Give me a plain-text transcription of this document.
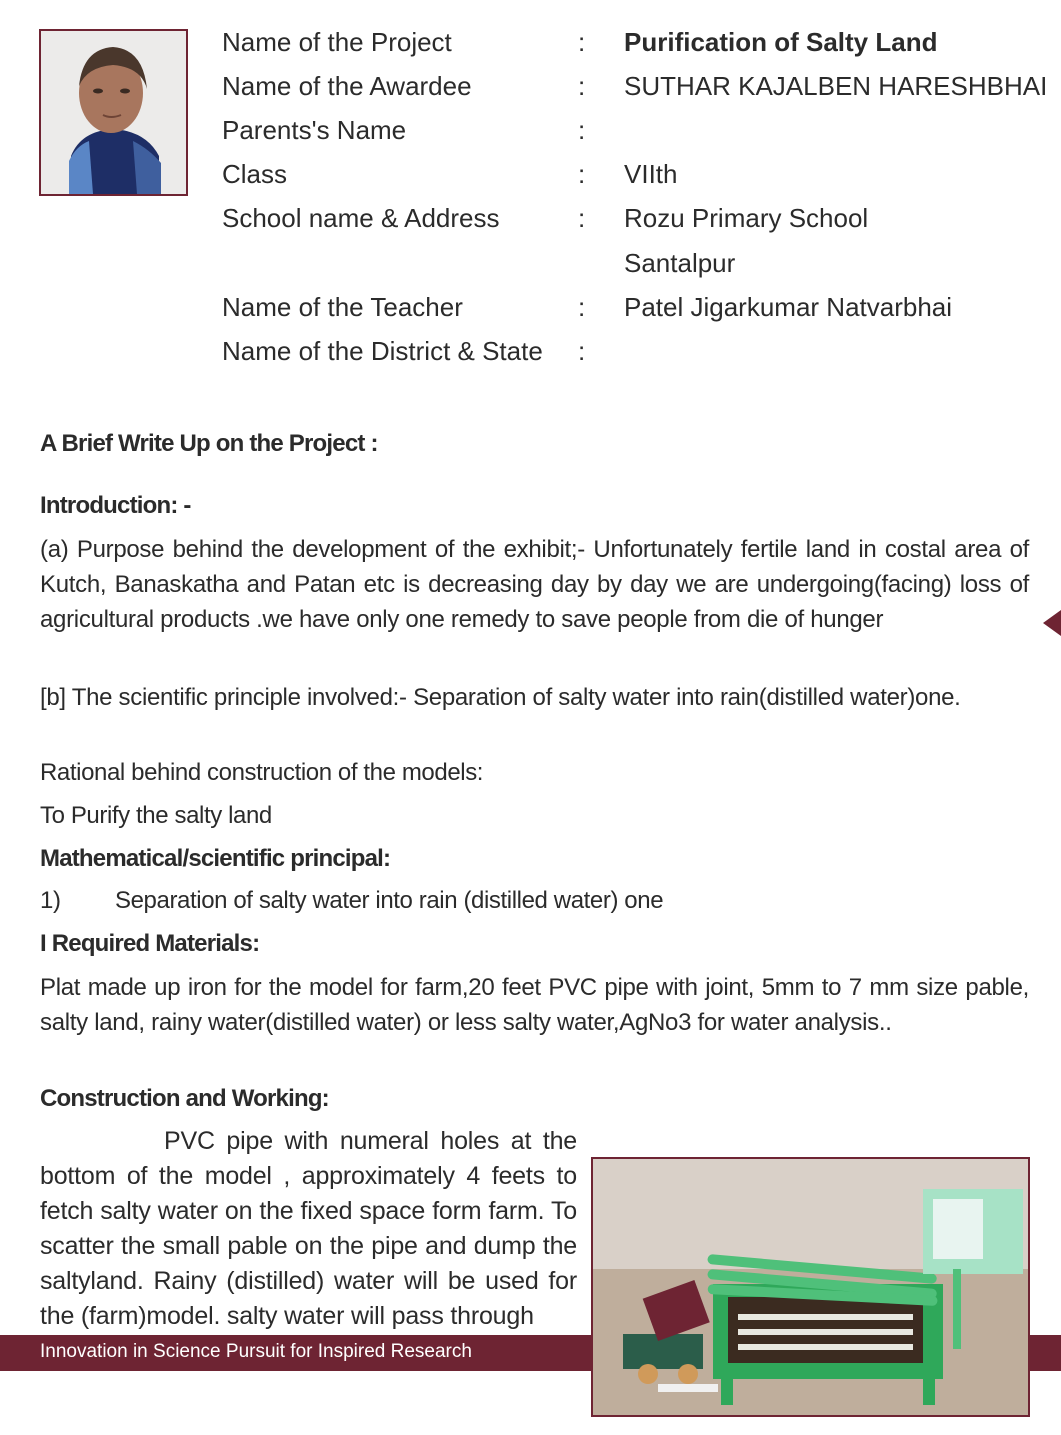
Name of the Project	: Purification of Salty Land
Name of the Awardee	: SUTHAR KAJALBEN HARESHBHAI
Parents's Name	:
Class	: VIIth
School name & Address	: Rozu Primary School
Santalpur
Name of the Teacher	: Patel Jigarkumar Natvarbhai
Name of the District & State	:
A Brief Write Up on the Project :
Introduction: -
(a) Purpose behind the development of the exhibit;- Unfortunately fertile land in costal area of Kutch, Banaskatha and Patan etc is decreasing day by day we are undergoing(facing) loss of agricultural products .we have only one remedy to save people from die of hunger
[b] The scientific principle involved:- Separation of salty water into rain(distilled water)one.
Rational behind construction of the models:
To Purify the salty land
Mathematical/scientific principal:
1) Separation of salty water into rain (distilled water) one
I Required Materials:
Plat made up iron for the model for farm,20 feet PVC pipe with joint, 5mm to 7 mm size pable, salty land, rainy water(distilled water) or less salty water,AgNo3 for water analysis..
Construction and Working:
PVC pipe with numeral holes at the bottom of the model , approximately 4 feets to fetch salty water on the fixed space form farm. To scatter the small pable on the pipe and dump the saltyland. Rainy (distilled) water will be used for the (farm)model. salty water will pass through
Innovation in Science Pursuit for Inspired Research
